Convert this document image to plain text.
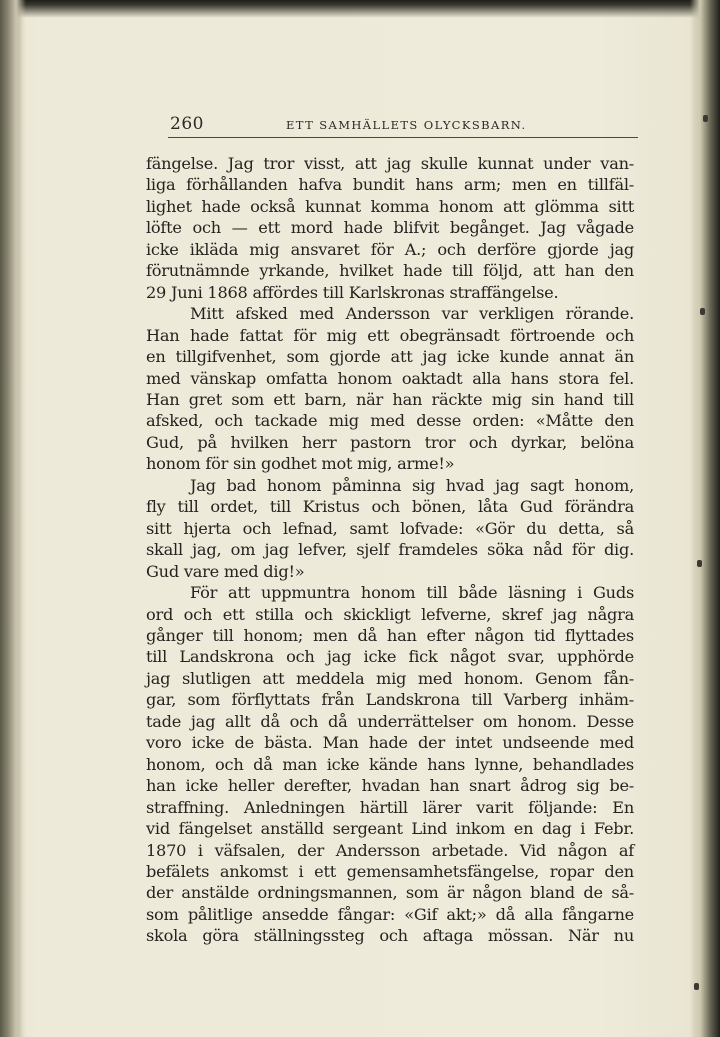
260	ETT SAMHÄLLETS OLYCKSBARN.
fängelse. Jag tror visst, att jag skulle kunnat under van-
liga förhållanden hafva bundit hans arm; men en tillfäl-
lighet hade också kunnat komma honom att glömma sitt
löfte och — ett mord hade blifvit begånget. Jag vågade
icke ikläda mig ansvaret för A.; och derföre gjorde jag
förutnämnde yrkande, hvilket hade till följd, att han den
29 Juni 1868 affördes till Karlskronas straffängelse.
Mitt afsked med Andersson var verkligen rörande.
Han hade fattat för mig ett obegränsadt förtroende och
en tillgifvenhet, som gjorde att jag icke kunde annat än
med vänskap omfatta honom oaktadt alla hans stora fel.
Han gret som ett barn, när han räckte mig sin hand till
afsked, och tackade mig med desse orden: «Måtte den
Gud, på hvilken herr pastorn tror och dyrkar, belöna
honom för sin godhet mot mig, arme!»
Jag bad honom påminna sig hvad jag sagt honom,
fly till ordet, till Kristus och bönen, låta Gud förändra
sitt hjerta och lefnad, samt lofvade: «Gör du detta, så
skall jag, om jag lefver, sjelf framdeles söka nåd för dig.
Gud vare med dig!»
För att uppmuntra honom till både läsning i Guds
ord och ett stilla och skickligt lefverne, skref jag några
gånger till honom; men då han efter någon tid flyttades
till Landskrona och jag icke fick något svar, upphörde
jag slutligen att meddela mig med honom. Genom fån-
gar, som förflyttats från Landskrona till Varberg inhäm-
tade jag allt då och då underrättelser om honom. Desse
voro icke de bästa. Man hade der intet undseende med
honom, och då man icke kände hans lynne, behandlades
han icke heller derefter, hvadan han snart ådrog sig be-
straffning. Anledningen härtill lärer varit följande: En
vid fängelset anställd sergeant Lind inkom en dag i Febr.
1870 i väfsalen, der Andersson arbetade. Vid någon af
befälets ankomst i ett gemensamhetsfängelse, ropar den
der anstälde ordningsmannen, som är någon bland de så-
som pålitlige ansedde fångar: «Gif akt;» då alla fångarne
skola göra ställningssteg och aftaga mössan. När nu
